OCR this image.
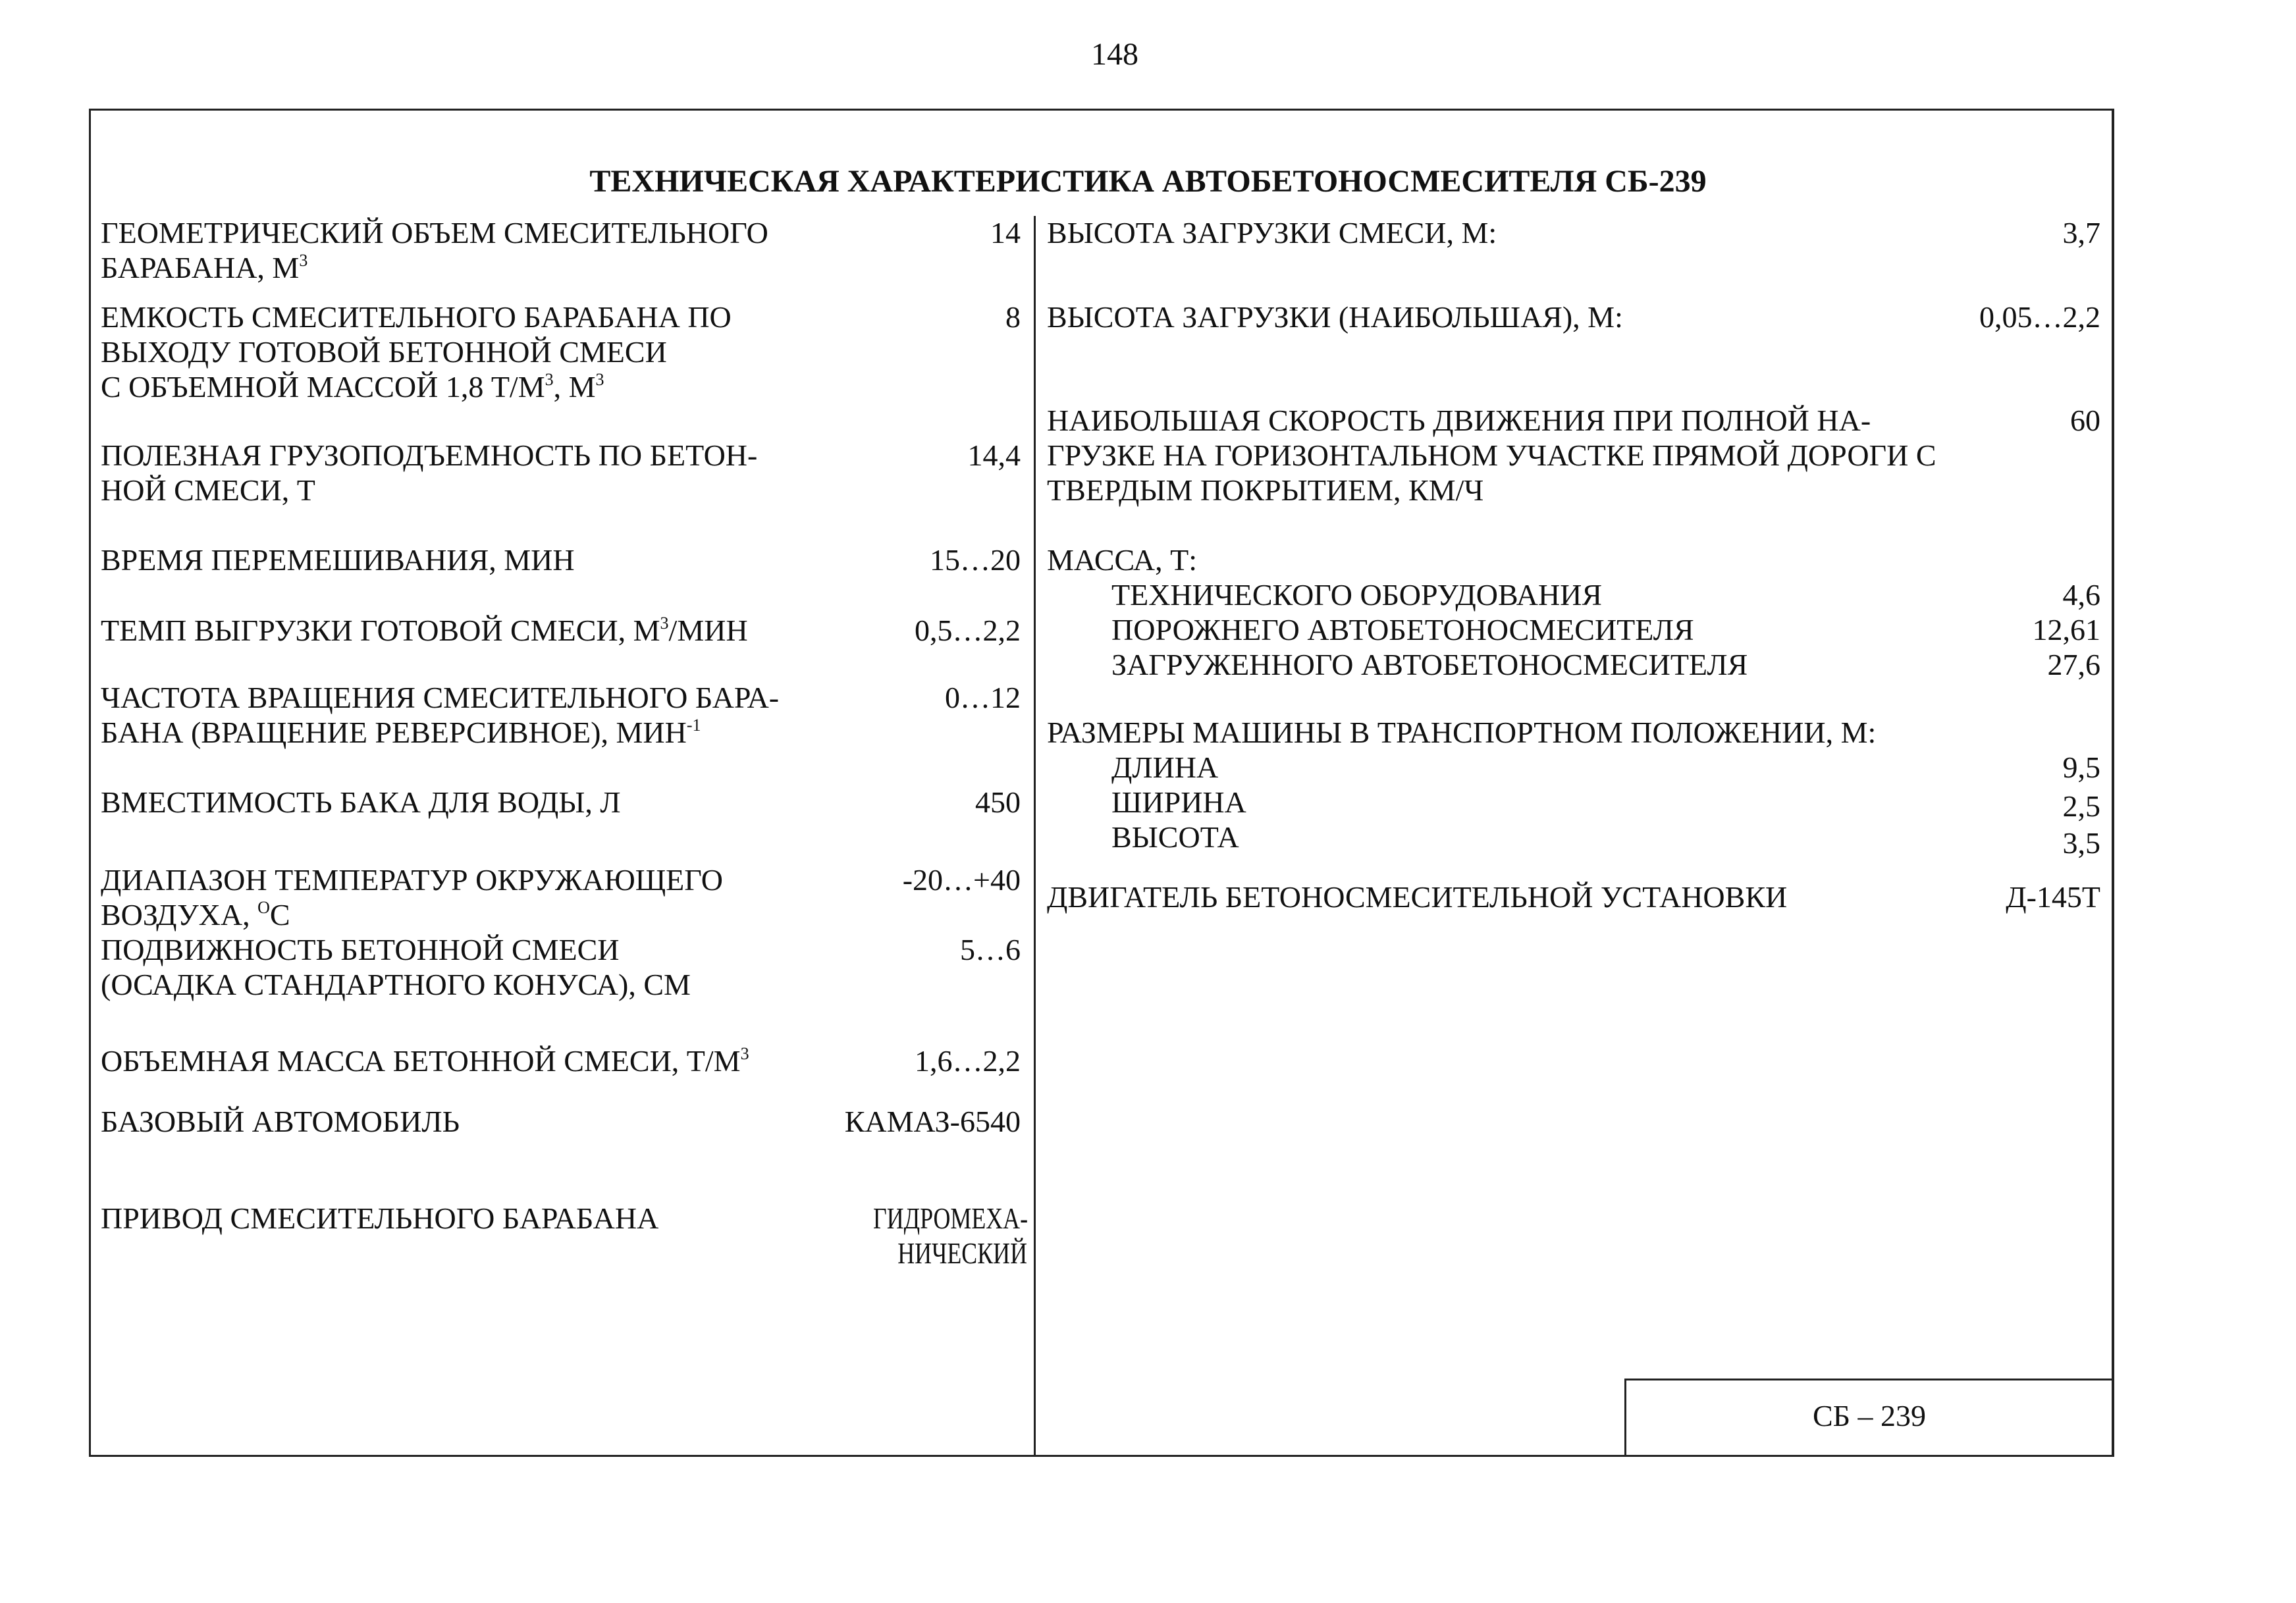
148
СБ – 239
ТЕХНИЧЕСКАЯ ХАРАКТЕРИСТИКА АВТОБЕТОНОСМЕСИТЕЛЯ СБ-239
ГЕОМЕТРИЧЕСКИЙ ОБЪЕМ СМЕСИТЕЛЬНОГО
БАРАБАНА, $М^3$
14
ЕМКОСТЬ СМЕСИТЕЛЬНОГО БАРАБАНА ПО
ВЫХОДУ ГОТОВОЙ БЕТОННОЙ СМЕСИ
С ОБЪЕМНОЙ МАССОЙ 1,8 $Т/М^3$, $М^3$
8
ПОЛЕЗНАЯ ГРУЗОПОДЪЕМНОСТЬ ПО БЕТОН-
НОЙ СМЕСИ, Т
14,4
ВРЕМЯ ПЕРЕМЕШИВАНИЯ, МИН	15…20
ТЕМП ВЫГРУЗКИ ГОТОВОЙ СМЕСИ, $М^3$/МИН	0,5…2,2
ЧАСТОТА ВРАЩЕНИЯ СМЕСИТЕЛЬНОГО БАРА-
БАНА (ВРАЩЕНИЕ РЕВЕРСИВНОЕ), $МИН^{-1}$
0…12
ВМЕСТИМОСТЬ БАКА ДЛЯ ВОДЫ, Л	450
ДИАПАЗОН ТЕМПЕРАТУР ОКРУЖАЮЩЕГО
ВОЗДУХА, $^О$С
-20…+40
ПОДВИЖНОСТЬ БЕТОННОЙ СМЕСИ
(ОСАДКА СТАНДАРТНОГО КОНУСА), СМ
5…6
ОБЪЕМНАЯ МАССА БЕТОННОЙ СМЕСИ, $Т/М^3$	1,6…2,2
БАЗОВЫЙ АВТОМОБИЛЬ	КАМАЗ-6540
ПРИВОД СМЕСИТЕЛЬНОГО БАРАБАНА	ГИДРОМЕХА-
НИЧЕСКИЙ
ВЫСОТА ЗАГРУЗКИ СМЕСИ, М:	3,7
ВЫСОТА ЗАГРУЗКИ (НАИБОЛЬШАЯ), М:	0,05…2,2
НАИБОЛЬШАЯ СКОРОСТЬ ДВИЖЕНИЯ ПРИ ПОЛНОЙ НА-
ГРУЗКЕ НА ГОРИЗОНТАЛЬНОМ УЧАСТКЕ ПРЯМОЙ ДОРОГИ С
ТВЕРДЫМ ПОКРЫТИЕМ, КМ/Ч
60
МАССА, Т:
ТЕХНИЧЕСКОГО ОБОРУДОВАНИЯ	4,6
ПОРОЖНЕГО АВТОБЕТОНОСМЕСИТЕЛЯ	12,61
ЗАГРУЖЕННОГО АВТОБЕТОНОСМЕСИТЕЛЯ	27,6
РАЗМЕРЫ МАШИНЫ В ТРАНСПОРТНОМ ПОЛОЖЕНИИ, М:
ДЛИНА	9,5
ШИРИНА	2,5
ВЫСОТА	3,5
ДВИГАТЕЛЬ БЕТОНОСМЕСИТЕЛЬНОЙ УСТАНОВКИ	Д-145Т
